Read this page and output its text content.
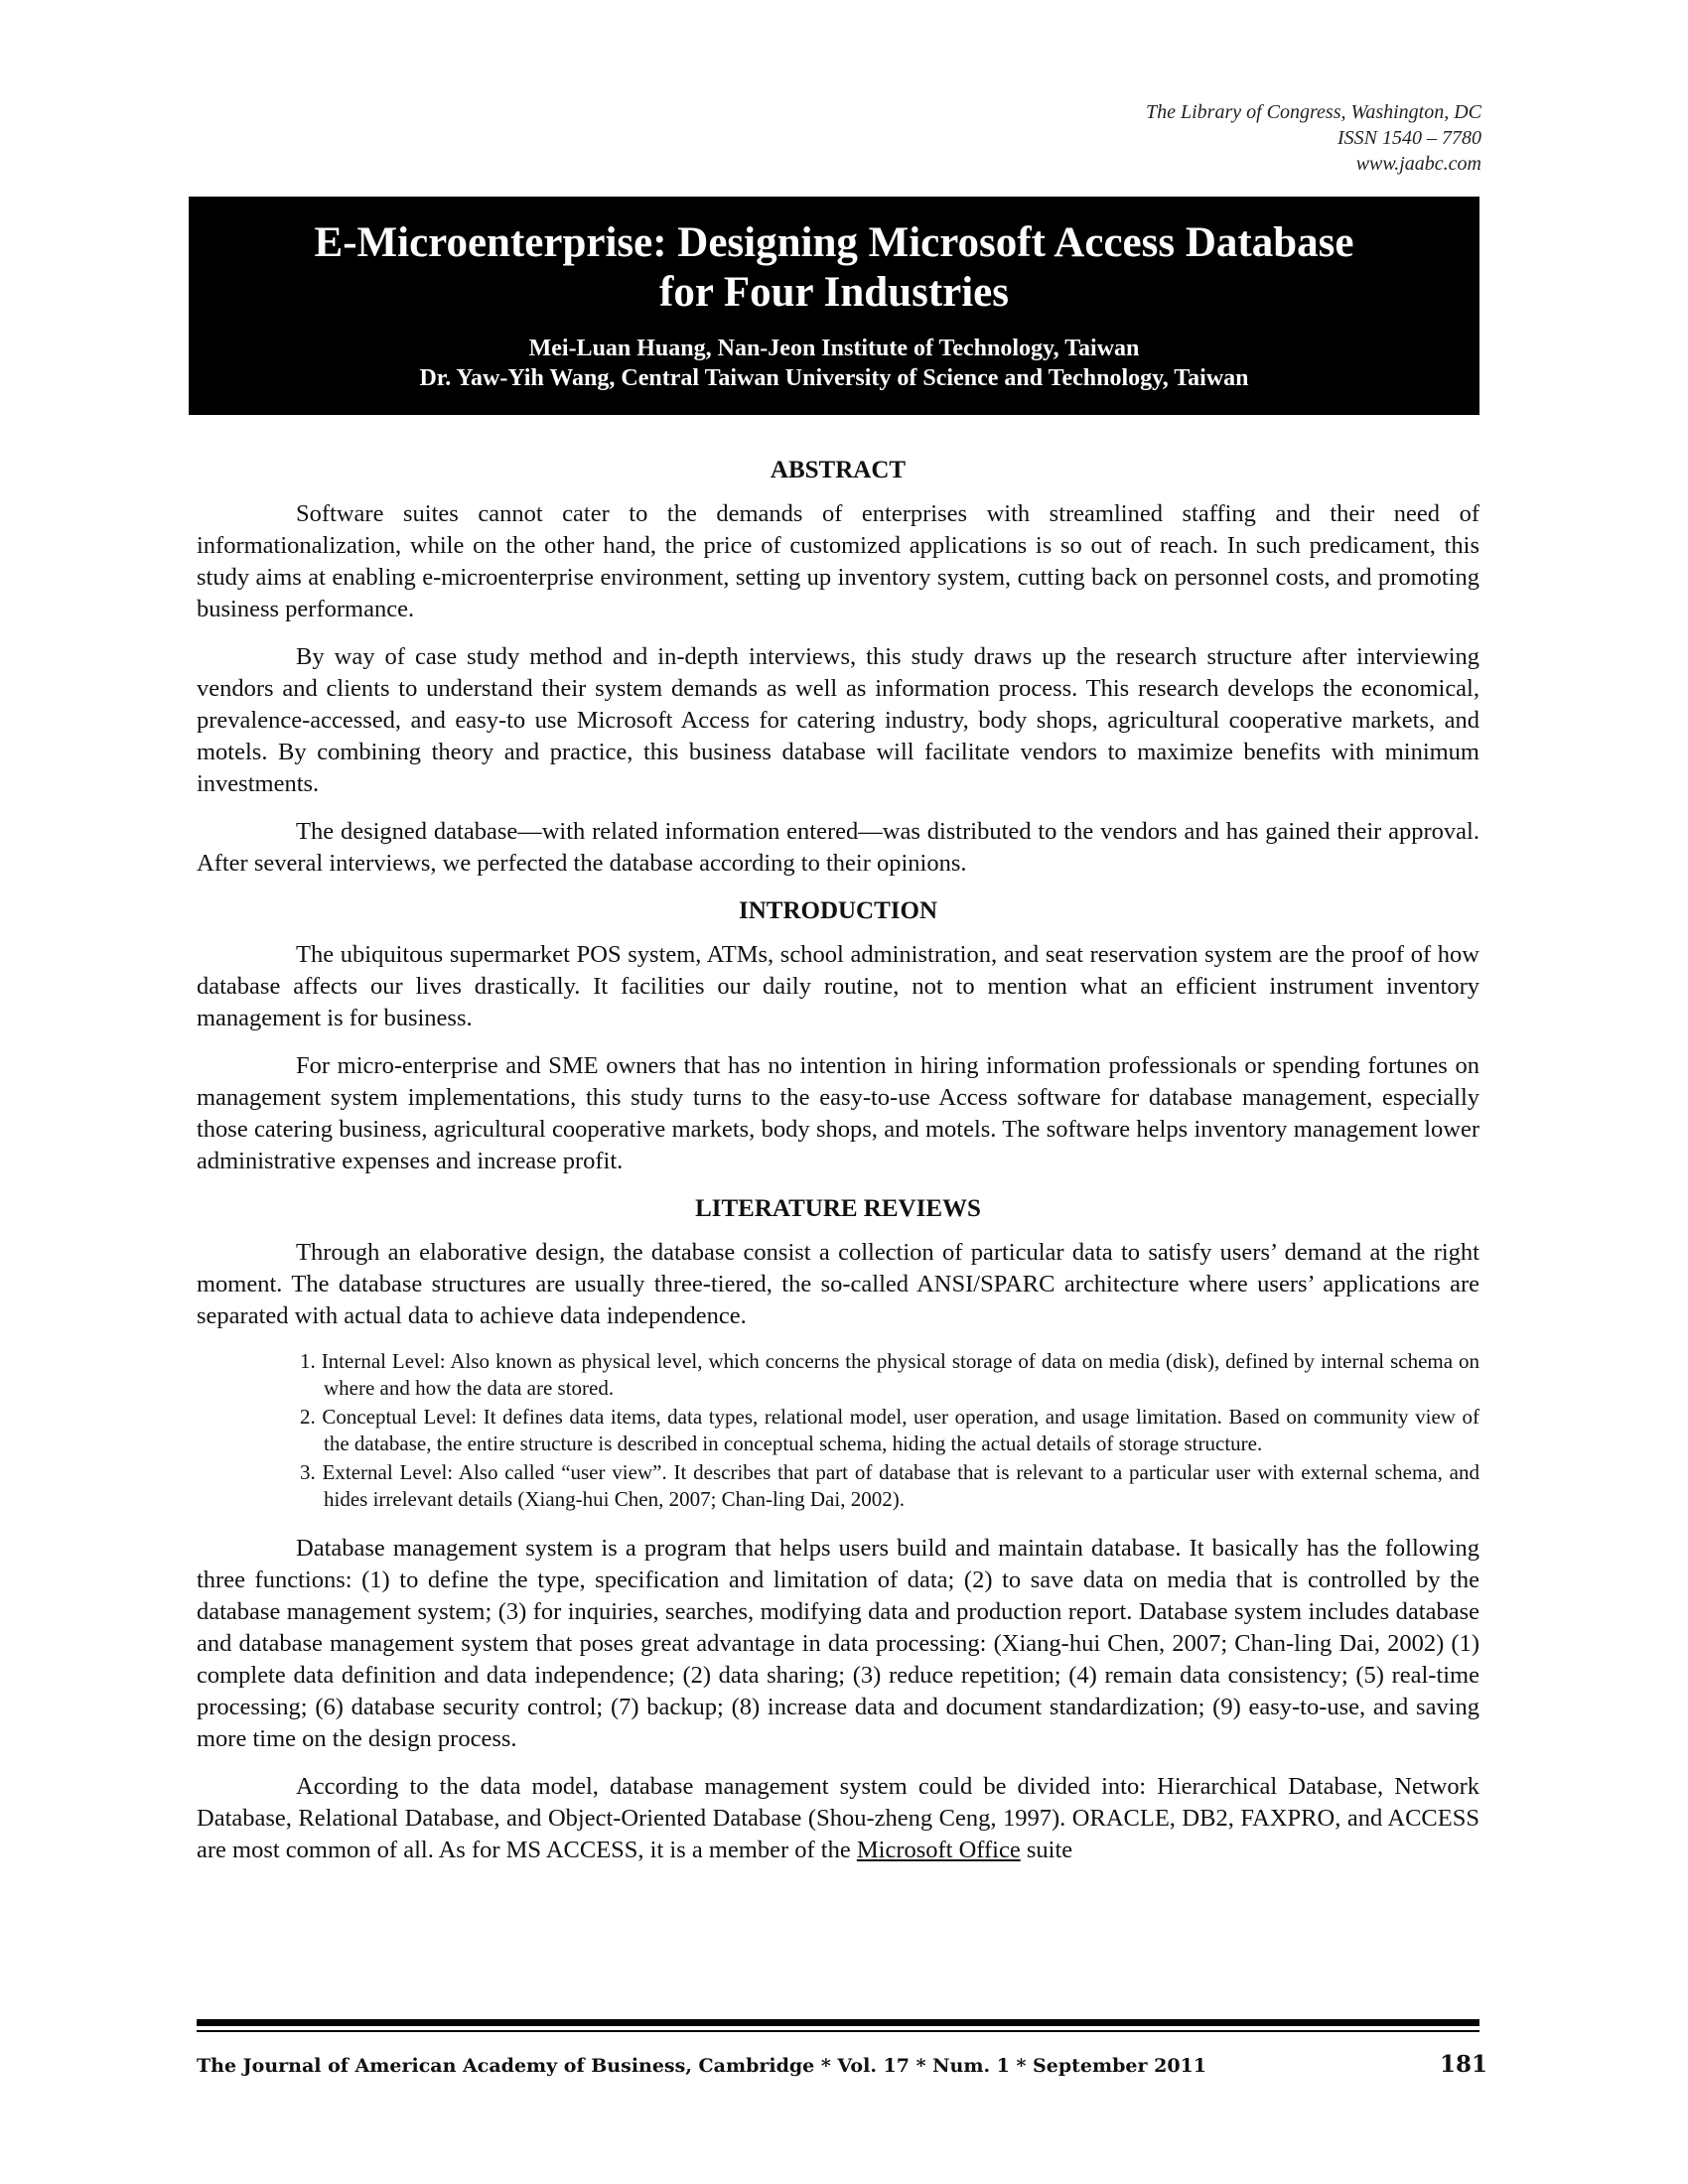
The Library of Congress, Washington, DC
ISSN 1540 – 7780
www.jaabc.com
E-Microenterprise: Designing Microsoft Access Database
for Four Industries
Mei-Luan Huang, Nan-Jeon Institute of Technology, Taiwan
Dr. Yaw-Yih Wang, Central Taiwan University of Science and Technology, Taiwan
ABSTRACT

Software suites cannot cater to the demands of enterprises with streamlined staffing and their need of informationalization, while on the other hand, the price of customized applications is so out of reach. In such predicament, this study aims at enabling e-microenterprise environment, setting up inventory system, cutting back on personnel costs, and promoting business performance.

By way of case study method and in-depth interviews, this study draws up the research structure after interviewing vendors and clients to understand their system demands as well as information process. This research develops the economical, prevalence-accessed, and easy-to use Microsoft Access for catering industry, body shops, agricultural cooperative markets, and motels. By combining theory and practice, this business database will facilitate vendors to maximize benefits with minimum investments.

The designed database—with related information entered—was distributed to the vendors and has gained their approval. After several interviews, we perfected the database according to their opinions.

INTRODUCTION

The ubiquitous supermarket POS system, ATMs, school administration, and seat reservation system are the proof of how database affects our lives drastically. It facilities our daily routine, not to mention what an efficient instrument inventory management is for business.

For micro-enterprise and SME owners that has no intention in hiring information professionals or spending fortunes on management system implementations, this study turns to the easy-to-use Access software for database management, especially those catering business, agricultural cooperative markets, body shops, and motels. The software helps inventory management lower administrative expenses and increase profit.

LITERATURE REVIEWS

Through an elaborative design, the database consist a collection of particular data to satisfy users’ demand at the right moment. The database structures are usually three-tiered, the so-called ANSI/SPARC architecture where users’ applications are separated with actual data to achieve data independence.

1. Internal Level: Also known as physical level, which concerns the physical storage of data on media (disk), defined by internal schema on where and how the data are stored.
2. Conceptual Level: It defines data items, data types, relational model, user operation, and usage limitation. Based on community view of the database, the entire structure is described in conceptual schema, hiding the actual details of storage structure.
3. External Level: Also called “user view”. It describes that part of database that is relevant to a particular user with external schema, and hides irrelevant details (Xiang-hui Chen, 2007; Chan-ling Dai, 2002).

Database management system is a program that helps users build and maintain database. It basically has the following three functions: (1) to define the type, specification and limitation of data; (2) to save data on media that is controlled by the database management system; (3) for inquiries, searches, modifying data and production report. Database system includes database and database management system that poses great advantage in data processing: (Xiang-hui Chen, 2007; Chan-ling Dai, 2002) (1) complete data definition and data independence; (2) data sharing; (3) reduce repetition; (4) remain data consistency; (5) real-time processing; (6) database security control; (7) backup; (8) increase data and document standardization; (9) easy-to-use, and saving more time on the design process.

According to the data model, database management system could be divided into: Hierarchical Database, Network Database, Relational Database, and Object-Oriented Database (Shou-zheng Ceng, 1997). ORACLE, DB2, FAXPRO, and ACCESS are most common of all. As for MS ACCESS, it is a member of the Microsoft Office suite

The Journal of American Academy of Business, Cambridge * Vol. 17 * Num. 1 * September 2011	181
